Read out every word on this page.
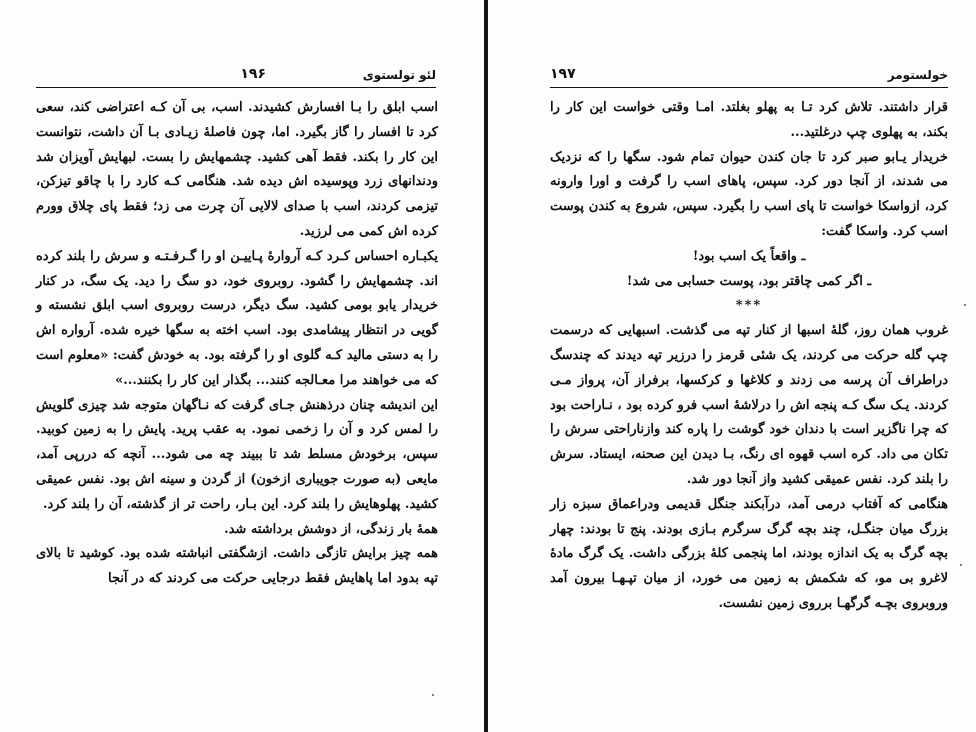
لئو تولستوی
۱۹۶

اسب ابلق را بـا افسارش کشیدند. اسب، بی آن کـه اعتراضی کند، سعی کرد تا افسار را گاز بگیرد. اما، چون فاصلهٔ زیـادی بـا آن داشت، نتوانست این کار را بکند. فقط آهی کشید. چشمهایش را بست. لبهایش آویزان شد ودندانهای زرد وپوسیده اش دیده شد. هنگامی کـه کارد را با چاقو تیزکن، تیزمی کردند، اسب با صدای لالایی آن چرت می زد؛ فقط پای چلاق وورم کرده اش کمی می لرزید.

یکبـاره احساس کـرد کـه آروارهٔ پـاییـن او را گـرفـتـه و سرش را بلند کرده اند. چشمهایش را گشود. روبروی خود، دو سگ را دید. یک سگ، در کنار خریدار یابو بومی کشید. سگ دیگر، درست روبروی اسب ابلق نشسته و گویی در انتظار پیشامدی بود. اسب اخته به سگها خیره شده. آرواره اش را به دستی مالید کـه گلوی او را گرفته بود. به خودش گفت: «معلوم است که می خواهند مرا معـالجه کنند... بگذار این کار را بکنند...»

این اندیشه چنان درذهنش جـای گرفت که نـاگهان متوجه شد چیزی گلویش را لمس کرد و آن را زخمی نمود. به عقب پرید. پایش را به زمین کوبید. سپس، برخودش مسلط شد تا ببیند چه می شود... آنچه که دررپی آمد، مایعی (به صورت جویباری ازخون) از گردن و سینه اش بود. نفس عمیقی کشید. پهلوهایش را بلند کرد. این بـار، راحت تر از گذشته، آن را بلند کرد.

همهٔ بار زندگی، از دوشش برداشته شد.

همه چیز برایش تازگی داشت. ازشگفتی انباشته شده بود. کوشید تا بالای تپه بدود اما پاهایش فقط درجایی حرکت می کردند که در آنجا

خولستومر
۱۹۷

قرار داشتند. تلاش کرد تـا به پهلو بغلتد. امـا وقتی خواست این کار را بکند، به پهلوی چپ درغلتید...

خریدار یـابو صبر کرد تا جان کندن حیوان تمام شود. سگها را که نزدیک می شدند، از آنجا دور کرد. سپس، پاهای اسب را گرفت و اورا وارونه کرد، ازواسکا خواست تا پای اسب را بگیرد. سپس، شروع به کندن پوست اسب کرد. واسکا گفت:

ـ واقعاً یک اسب بود!

ـ اگر کمی چاقتر بود، پوست حسابی می شد!

***

غروب همان روز، گلهٔ اسبها از کنار تپه می گذشت. اسبهایی که درسمت چپ گله حرکت می کردند، یک شئی قرمز را درزیر تپه دیدند که چندسگ دراطراف آن پرسه می زدند و کلاغها و کرکسها، برفراز آن، پرواز مـی کردند. یـک سگ کـه پنجه اش را درلاشهٔ اسب فرو کرده بود ، نـاراحت بود که چرا ناگزیر است با دندان خود گوشت را پاره کند وازناراحتی سرش را تکان می داد. کره اسب قهوه ای رنگ، بـا دیدن این صحنه، ایستاد. سرش را بلند کرد. نفس عمیقی کشید واز آنجا دور شد.

هنگامی که آفتاب درمی آمد، درآبکند جنگل قدیمی ودراعماق سبزه زار بزرگ میان جنگـل، چند بچه گرگ سرگرم بـازی بودند. پنج تا بودند: چهار بچه گرگ به یک اندازه بودند، اما پنجمی کلهٔ بزرگی داشت. یک گرگ مادهٔ لاغرو بی مو، که شکمش به زمین می خورد، از میان تپـهـا بیرون آمد وروبروی بچـه گرگهـا برروی زمین نشست.
